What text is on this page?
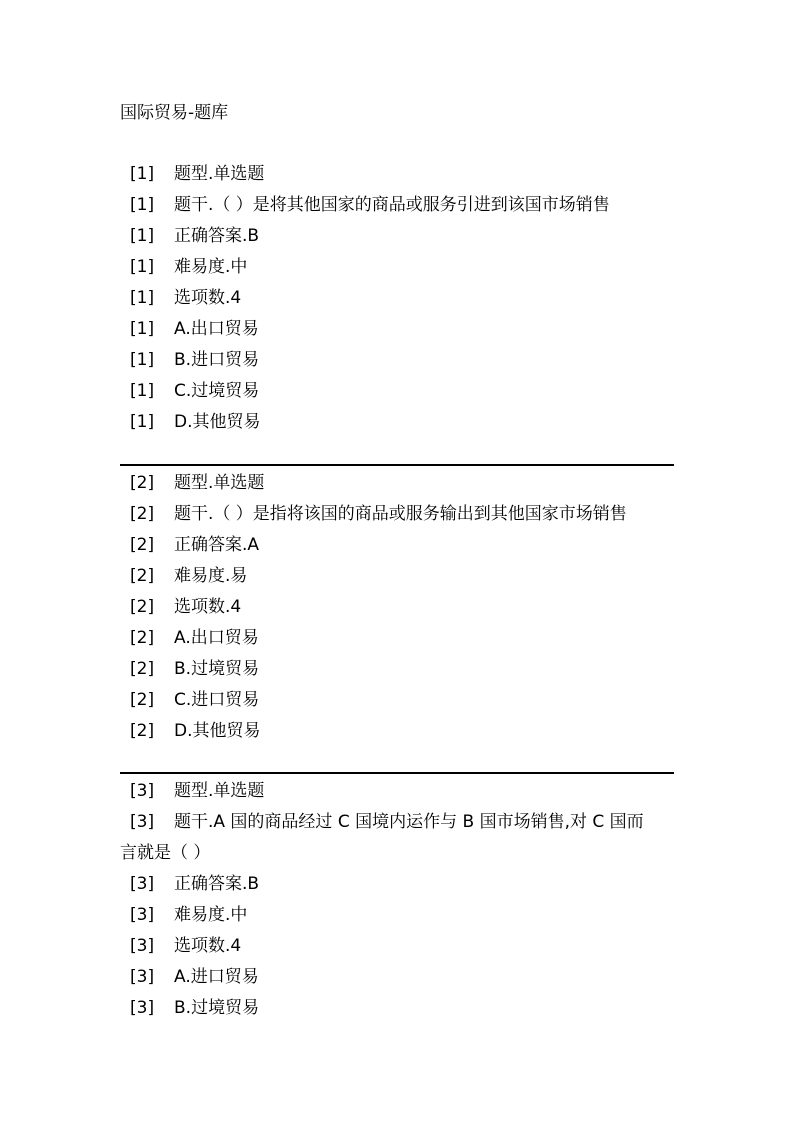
国际贸易-题库
[1] 题型.单选题
[1] 题干.（ ）是将其他国家的商品或服务引进到该国市场销售
[1] 正确答案.B
[1] 难易度.中
[1] 选项数.4
[1] A.出口贸易
[1] B.进口贸易
[1] C.过境贸易
[1] D.其他贸易
[2] 题型.单选题
[2] 题干.（ ）是指将该国的商品或服务输出到其他国家市场销售
[2] 正确答案.A
[2] 难易度.易
[2] 选项数.4
[2] A.出口贸易
[2] B.过境贸易
[2] C.进口贸易
[2] D.其他贸易
[3] 题型.单选题
[3] 题干.A 国的商品经过 C 国境内运作与 B 国市场销售,对 C 国而
言就是（ ）
[3] 正确答案.B
[3] 难易度.中
[3] 选项数.4
[3] A.进口贸易
[3] B.过境贸易
